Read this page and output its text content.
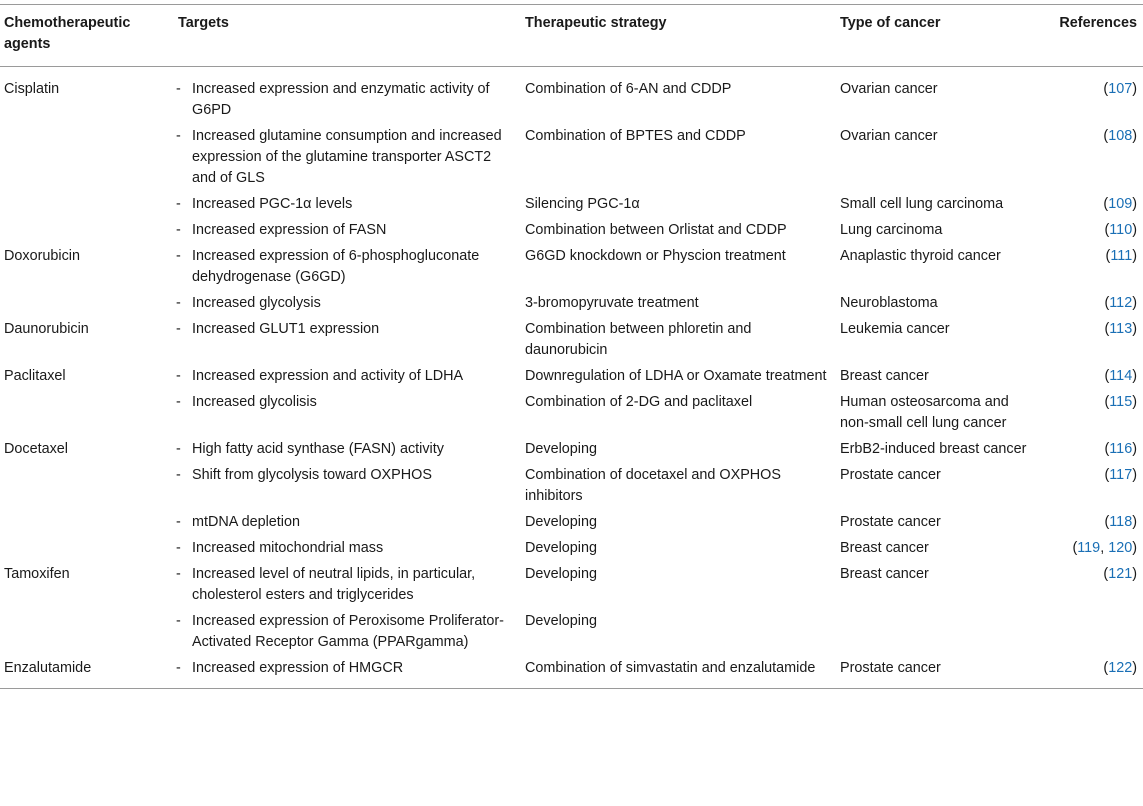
Chemotherapeutic agents	Targets	Therapeutic strategy	Type of cancer	References
Cisplatin	- Increased expression and enzymatic activity of G6PD	Combination of 6-AN and CDDP	Ovarian cancer	(107)

	- Increased glutamine consumption and increased expression of the glutamine transporter ASCT2 and of GLS	Combination of BPTES and CDDP	Ovarian cancer	(108)

	- Increased PGC-1α levels	Silencing PGC-1α	Small cell lung carcinoma	(109)

	- Increased expression of FASN	Combination between Orlistat and CDDP	Lung carcinoma	(110)
Doxorubicin	- Increased expression of 6-phosphogluconate dehydrogenase (G6GD)	G6GD knockdown or Physcion treatment	Anaplastic thyroid cancer	(111)

	- Increased glycolysis	3-bromopyruvate treatment	Neuroblastoma	(112)
Daunorubicin	- Increased GLUT1 expression	Combination between phloretin and daunorubicin	Leukemia cancer	(113)
Paclitaxel	- Increased expression and activity of LDHA	Downregulation of LDHA or Oxamate treatment	Breast cancer	(114)

	- Increased glycolisis	Combination of 2-DG and paclitaxel	Human osteosarcoma and non-small cell lung cancer	(115)
Docetaxel	- High fatty acid synthase (FASN) activity	Developing	ErbB2-induced breast cancer	(116)

	- Shift from glycolysis toward OXPHOS	Combination of docetaxel and OXPHOS inhibitors	Prostate cancer	(117)

	- mtDNA depletion	Developing	Prostate cancer	(118)

	- Increased mitochondrial mass	Developing	Breast cancer	(119, 120)
Tamoxifen	- Increased level of neutral lipids, in particular, cholesterol esters and triglycerides	Developing	Breast cancer	(121)

	- Increased expression of Peroxisome Proliferator-Activated Receptor Gamma (PPARgamma)	Developing		
Enzalutamide	- Increased expression of HMGCR	Combination of simvastatin and enzalutamide	Prostate cancer	(122)
